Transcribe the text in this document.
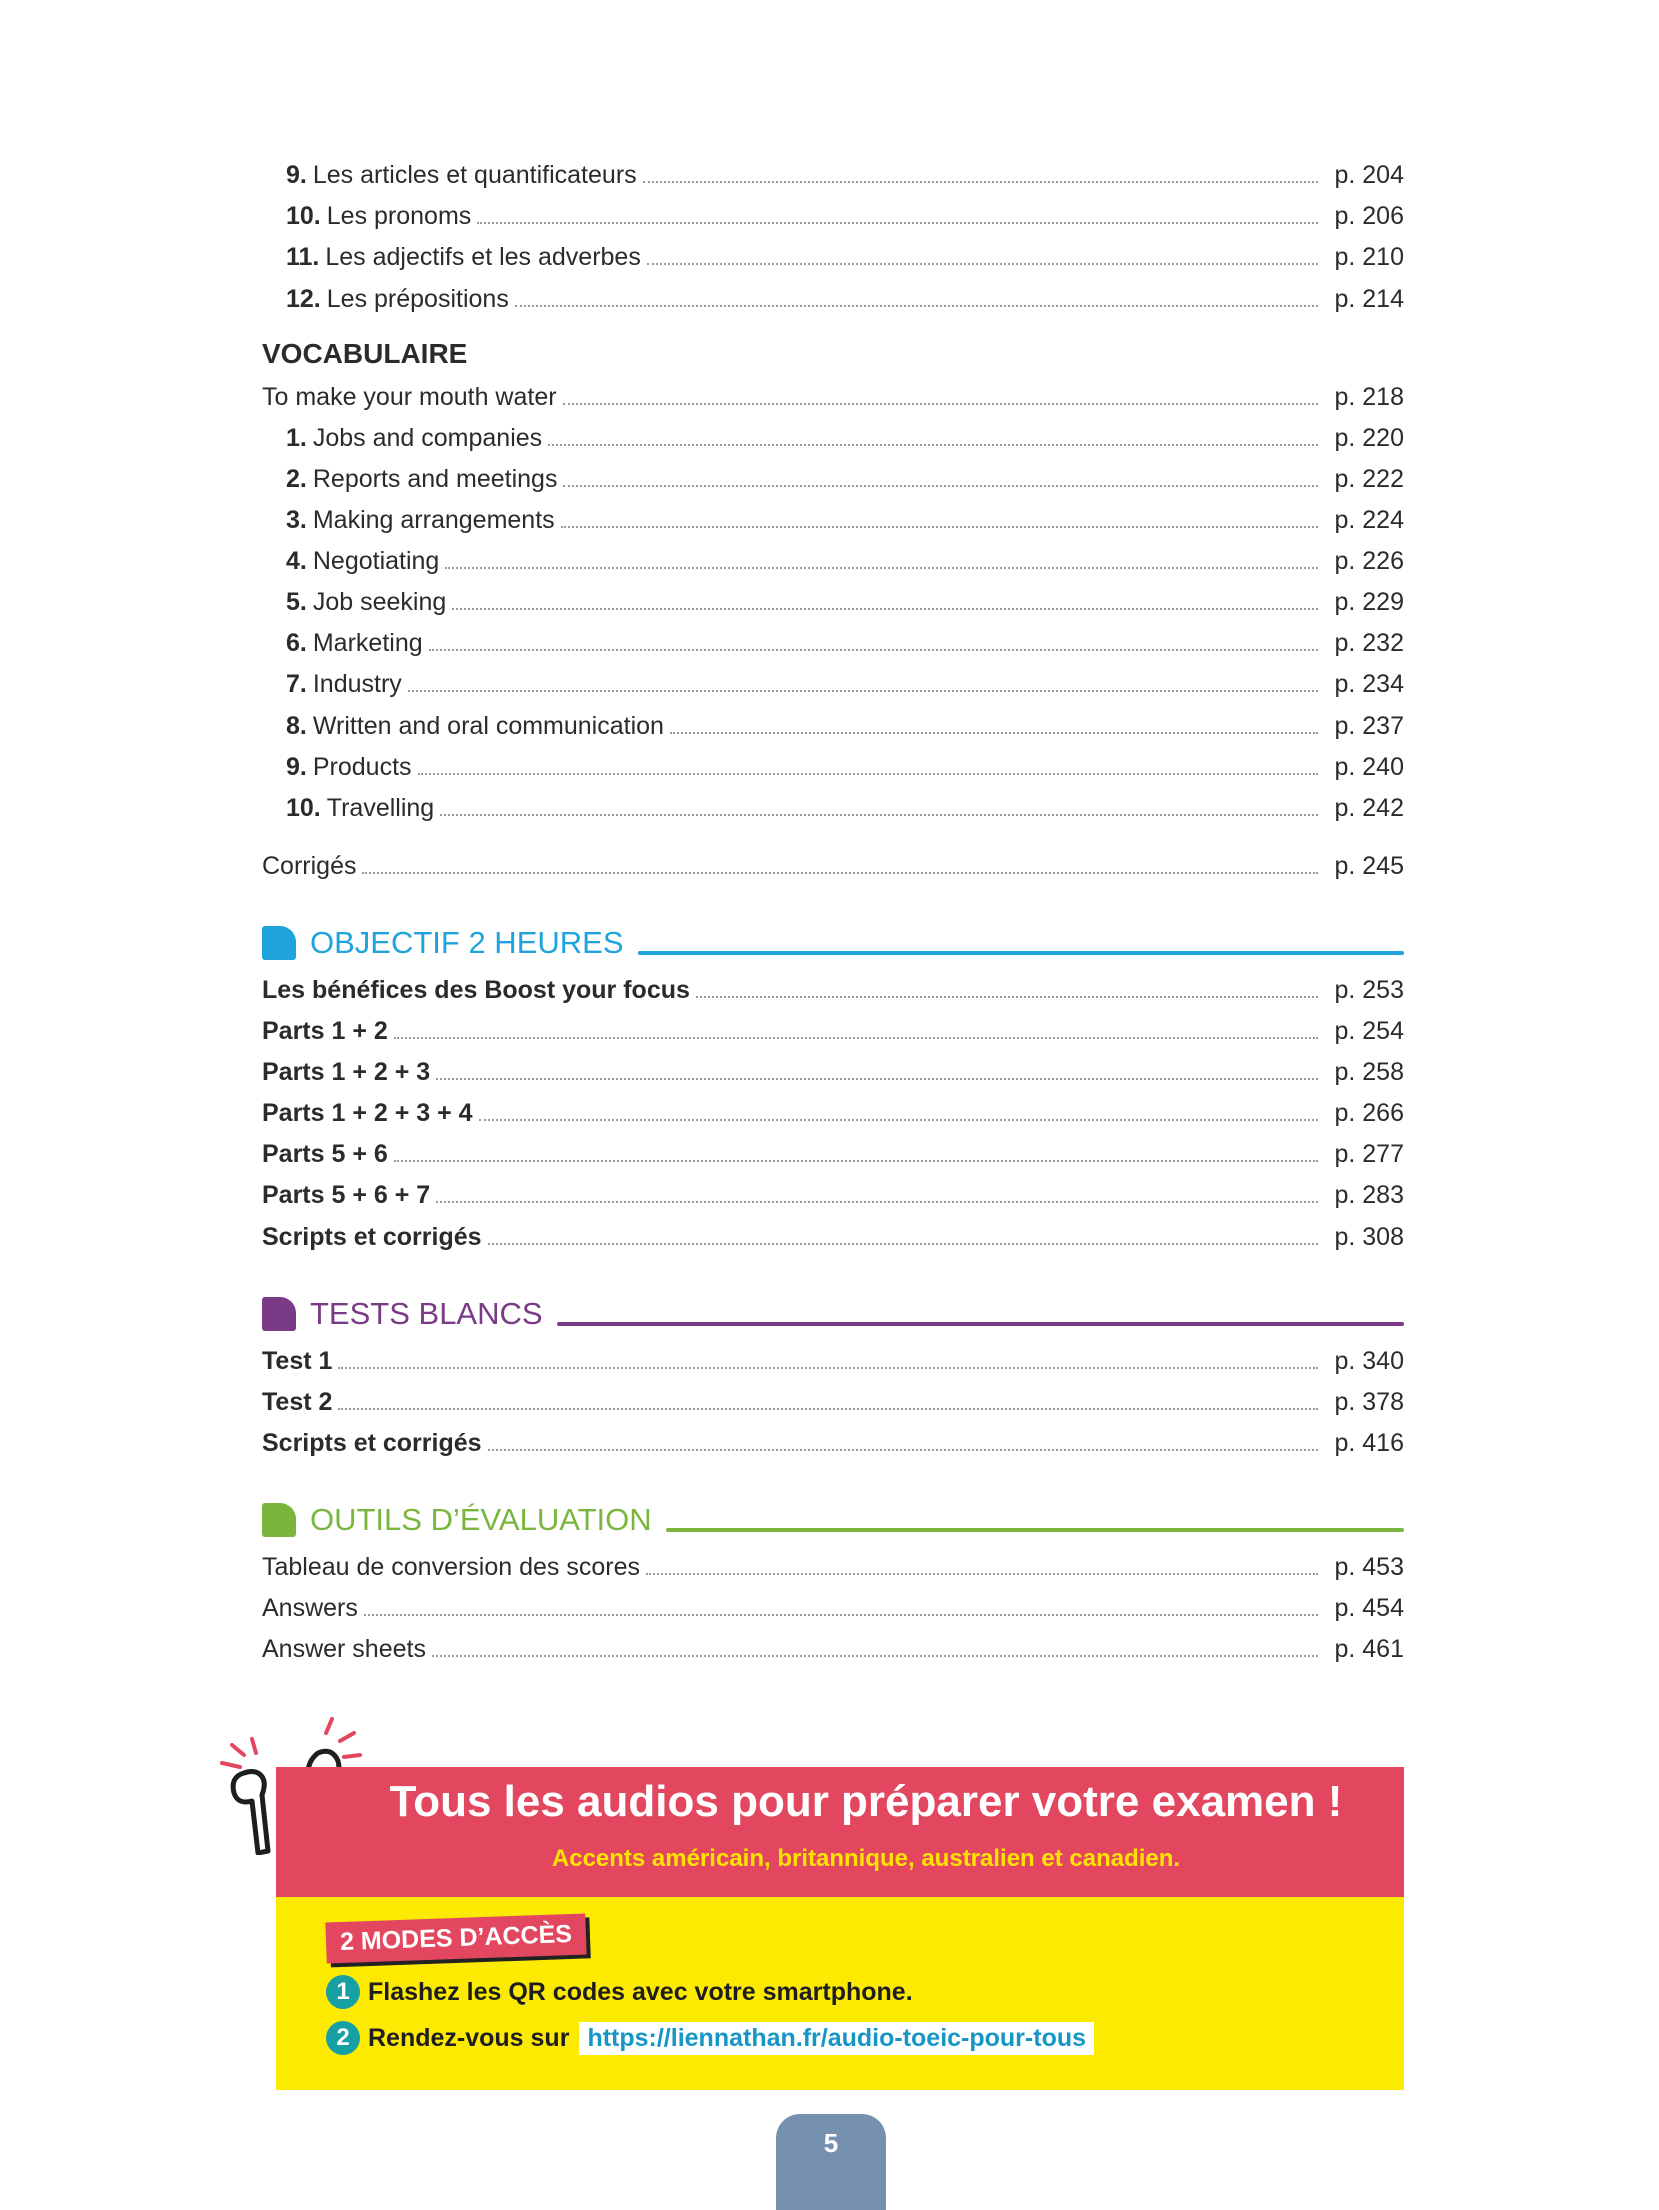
9. Les articles et quantificateurs	p. 204
10. Les pronoms	p. 206
11. Les adjectifs et les adverbes	p. 210
12. Les prépositions	p. 214
VOCABULAIRE
To make your mouth water	p. 218
1. Jobs and companies	p. 220
2. Reports and meetings	p. 222
3. Making arrangements	p. 224
4. Negotiating	p. 226
5. Job seeking	p. 229
6. Marketing	p. 232
7. Industry	p. 234
8. Written and oral communication	p. 237
9. Products	p. 240
10. Travelling	p. 242
Corrigés	p. 245
OBJECTIF 2 HEURES
Les bénéfices des Boost your focus	p. 253
Parts 1 + 2	p. 254
Parts 1 + 2 + 3	p. 258
Parts 1 + 2 + 3 + 4	p. 266
Parts 5 + 6	p. 277
Parts 5 + 6 + 7	p. 283
Scripts et corrigés	p. 308
TESTS BLANCS
Test 1	p. 340
Test 2	p. 378
Scripts et corrigés	p. 416
OUTILS D’ÉVALUATION
Tableau de conversion des scores	p. 453
Answers	p. 454
Answer sheets	p. 461
Tous les audios pour préparer votre examen !
Accents américain, britannique, australien et canadien.
2 MODES D’ACCÈS
1 Flashez les QR codes avec votre smartphone.
2 Rendez-vous sur https://liennathan.fr/audio-toeic-pour-tous
5
